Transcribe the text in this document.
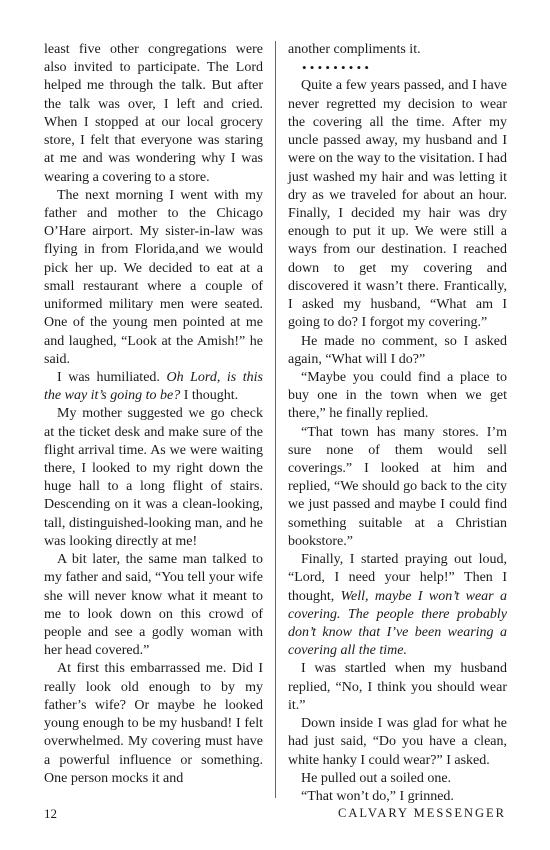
least five other congregations were also invited to participate. The Lord helped me through the talk. But after the talk was over, I left and cried. When I stopped at our local grocery store, I felt that everyone was staring at me and was wondering why I was wearing a covering to a store.

The next morning I went with my father and mother to the Chicago O’Hare airport. My sister-in-law was flying in from Florida,and we would pick her up. We decided to eat at a small restaurant where a couple of uniformed military men were seated. One of the young men pointed at me and laughed, “Look at the Amish!” he said.

I was humiliated. Oh Lord, is this the way it’s going to be? I thought.

My mother suggested we go check at the ticket desk and make sure of the flight arrival time. As we were waiting there, I looked to my right down the huge hall to a long flight of stairs. Descending on it was a clean-looking, tall, distinguished-looking man, and he was looking directly at me!

A bit later, the same man talked to my father and said, “You tell your wife she will never know what it meant to me to look down on this crowd of people and see a godly woman with her head covered.”

At first this embarrassed me. Did I really look old enough to by my father’s wife? Or maybe he looked young enough to be my husband! I felt overwhelmed. My covering must have a powerful influence or something. One person mocks it and

another compliments it.

• • • • • • • • •

Quite a few years passed, and I have never regretted my decision to wear the covering all the time. After my uncle passed away, my husband and I were on the way to the visitation. I had just washed my hair and was letting it dry as we traveled for about an hour. Finally, I decided my hair was dry enough to put it up. We were still a ways from our destination. I reached down to get my covering and discovered it wasn’t there. Frantically, I asked my husband, “What am I going to do? I forgot my covering.”

He made no comment, so I asked again, “What will I do?”

“Maybe you could find a place to buy one in the town when we get there,” he finally replied.

“That town has many stores. I’m sure none of them would sell coverings.” I looked at him and replied, “We should go back to the city we just passed and maybe I could find something suitable at a Christian bookstore.”

Finally, I started praying out loud, “Lord, I need your help!” Then I thought, Well, maybe I won’t wear a covering. The people there probably don’t know that I’ve been wearing a covering all the time.

I was startled when my husband replied, “No, I think you should wear it.”

Down inside I was glad for what he had just said, “Do you have a clean, white hanky I could wear?” I asked.

He pulled out a soiled one.

“That won’t do,” I grinned.

12	CALVARY MESSENGER
